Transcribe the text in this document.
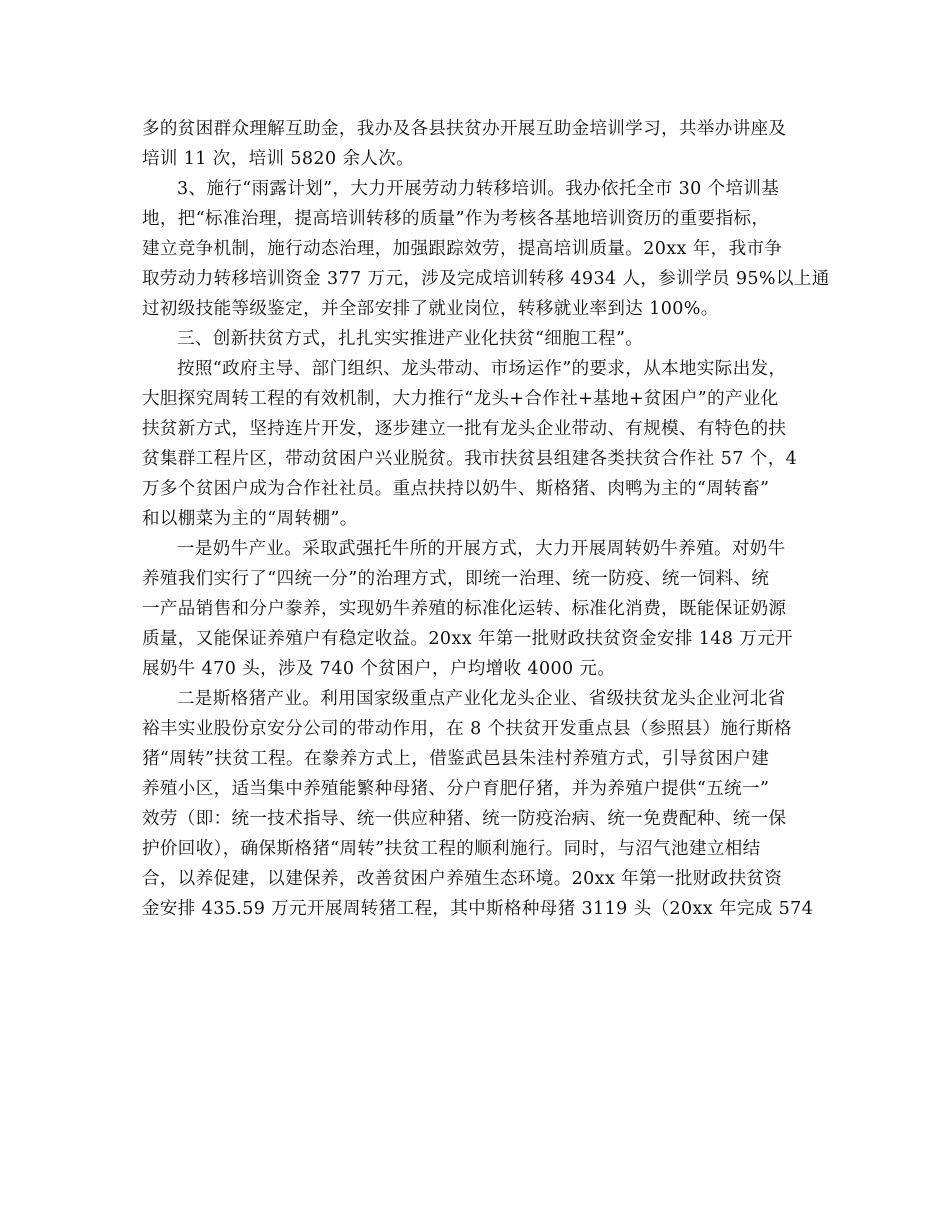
多的贫困群众理解互助金，我办及各县扶贫办开展互助金培训学习，共举办讲座及
培训 11 次，培训 5820 余人次。
3、施行“雨露计划”，大力开展劳动力转移培训。我办依托全市 30 个培训基
地，把“标准治理，提高培训转移的质量”作为考核各基地培训资历的重要指标，
建立竞争机制，施行动态治理，加强跟踪效劳，提高培训质量。20xx 年，我市争
取劳动力转移培训资金 377 万元，涉及完成培训转移 4934 人，参训学员 95%以上通
过初级技能等级鉴定，并全部安排了就业岗位，转移就业率到达 100%。
三、创新扶贫方式，扎扎实实推进产业化扶贫“细胞工程”。
按照“政府主导、部门组织、龙头带动、市场运作”的要求，从本地实际出发，
大胆探究周转工程的有效机制，大力推行“龙头+合作社+基地+贫困户”的产业化
扶贫新方式，坚持连片开发，逐步建立一批有龙头企业带动、有规模、有特色的扶
贫集群工程片区，带动贫困户兴业脱贫。我市扶贫县组建各类扶贫合作社 57 个，4
万多个贫困户成为合作社社员。重点扶持以奶牛、斯格猪、肉鸭为主的“周转畜”
和以棚菜为主的“周转棚”。
一是奶牛产业。采取武强托牛所的开展方式，大力开展周转奶牛养殖。对奶牛
养殖我们实行了“四统一分”的治理方式，即统一治理、统一防疫、统一饲料、统
一产品销售和分户豢养，实现奶牛养殖的标准化运转、标准化消费，既能保证奶源
质量，又能保证养殖户有稳定收益。20xx 年第一批财政扶贫资金安排 148 万元开
展奶牛 470 头，涉及 740 个贫困户，户均增收 4000 元。
二是斯格猪产业。利用国家级重点产业化龙头企业、省级扶贫龙头企业河北省
裕丰实业股份京安分公司的带动作用，在 8 个扶贫开发重点县（参照县）施行斯格
猪“周转”扶贫工程。在豢养方式上，借鉴武邑县朱洼村养殖方式，引导贫困户建
养殖小区，适当集中养殖能繁种母猪、分户育肥仔猪，并为养殖户提供“五统一”
效劳（即：统一技术指导、统一供应种猪、统一防疫治病、统一免费配种、统一保
护价回收），确保斯格猪“周转”扶贫工程的顺利施行。同时，与沼气池建立相结
合，以养促建，以建保养，改善贫困户养殖生态环境。20xx 年第一批财政扶贫资
金安排 435.59 万元开展周转猪工程，其中斯格种母猪 3119 头（20xx 年完成 574
